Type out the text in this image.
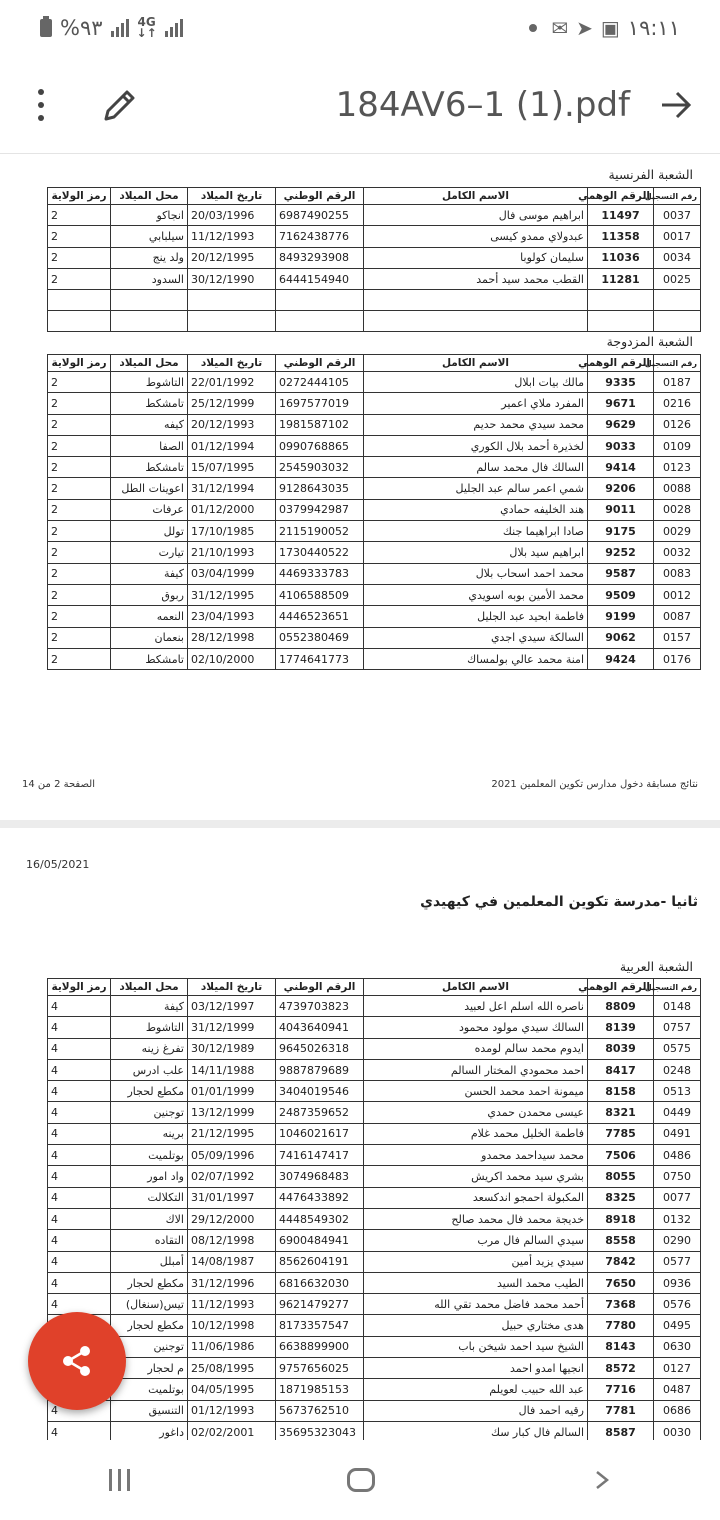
%٩٣	4G
↓↑	✉ ➤ ▣ ١٩:١١
184AV6–1 (1).pdf
الشعبة الفرنسية
رقم التسجيل	الرقم الوهمي	الاسم الكامل	الرقم الوطني	تاريخ الميلاد	محل الميلاد	رمز الولاية
0037	11497	ابراهيم موسى فال	6987490255	20/03/1996	انجاكو	2
0017	11358	عبدولاي ممدو كيسى	7162438776	11/12/1993	سيلبابي	2
0034	11036	سليمان كولوبا	8493293908	20/12/1995	ولد ينج	2
0025	11281	القطب محمد سيد أحمد	6444154940	30/12/1990	السدود	2

الشعبة المزدوجة
رقم التسجيل	الرقم الوهمي	الاسم الكامل	الرقم الوطني	تاريخ الميلاد	محل الميلاد	رمز الولاية
0187	9335	مالك بيات ابلال	0272444105	22/01/1992	التاشوط	2
0216	9671	المفرد ملاي اعمير	1697577019	25/12/1999	تامشكط	2
0126	9629	محمد سيدي محمد حديم	1981587102	20/12/1993	كيفه	2
0109	9033	لخذيرة أحمد بلال الكوري	0990768865	01/12/1994	الصفا	2
0123	9414	السالك فال محمد سالم	2545903032	15/07/1995	تامشكط	2
0088	9206	شمي اعمر سالم عبد الجليل	9128643035	31/12/1994	اعوينات الطل	2
0028	9011	هند الخليفه حمادي	0379942987	01/12/2000	عرفات	2
0029	9175	صادا ابراهيما جنك	2115190052	17/10/1985	تولل	2
0032	9252	ابراهيم سيد بلال	1730440522	21/10/1993	تيارت	2
0083	9587	محمد احمد اسحاب بلال	4469333783	03/04/1999	كيفة	2
0012	9509	محمد الأمين بوبه اسويدي	4106588509	31/12/1995	ربوق	2
0087	9199	فاطمة ابحيد عبد الجليل	4446523651	23/04/1993	النعمه	2
0157	9062	السالكة سيدي اجدي	0552380469	28/12/1998	بنعمان	2
0176	9424	امنة محمد عالي بولمساك	1774641773	02/10/2000	تامشكط	2
نتائج مسابقة دخول مدارس تكوين المعلمين 2021
الصفحة 2 من 14
16/05/2021
ثانيا -مدرسة تكوين المعلمين في كيهيدي
الشعبة العربية
رقم التسجيل	الرقم الوهمي	الاسم الكامل	الرقم الوطني	تاريخ الميلاد	محل الميلاد	رمز الولاية
0148	8809	ناصره الله اسلم اعل لعبيد	4739703823	03/12/1997	كيفة	4
0757	8139	السالك سيدي مولود محمود	4043640941	31/12/1999	التاشوط	4
0575	8039	ايدوم محمد سالم لومده	9645026318	30/12/1989	تفرغ زينه	4
0248	8417	احمد محمودي المختار السالم	9887879689	14/11/1988	علب ادرس	4
0513	8158	ميمونة احمد محمد الحسن	3404019546	01/01/1999	مكطع لحجار	4
0449	8321	عيسى محمدن حمدي	2487359652	13/12/1999	توجنين	4
0491	7785	فاطمة الخليل محمد غلام	1046021617	21/12/1995	برينه	4
0486	7506	محمد سيداحمد محمدو	7416147417	05/09/1996	بوتلميت	4
0750	8055	بشري سيد محمد اكريش	3074968483	02/07/1992	واد امور	4
0077	8325	المكبولة احمجو اندكسعد	4476433892	31/01/1997	التكلالت	4
0132	8918	خديجة محمد فال محمد صالح	4448549302	29/12/2000	الاك	4
0290	8558	سيدي السالم فال مرب	6900484941	08/12/1998	التقاده	4
0577	7842	سيدي يزيد أمين	8562604191	14/08/1987	أمبلل	4
0936	7650	الطيب محمد السيد	6816632030	31/12/1996	مكطع لحجار	4
0576	7368	أحمد محمد فاضل محمد تقي الله	9621479277	11/12/1993	تيس(سنغال)	4
0495	7780	هدى مختاري حبيل	8173357547	10/12/1998	مكطع لحجار	
0630	8143	الشيخ سيد احمد شيخن باب	6638899900	11/06/1986	توجنين	
0127	8572	انجيها امدو احمد	9757656025	25/08/1995	م لحجار	
0487	7716	عبد الله حبيب لعويلم	1871985153	04/05/1995	بوتلميت	
0686	7781	رقيه احمد فال	5673762510	01/12/1993	التنسيق	4
0030	8587	السالم فال كبار سك	35695323043	02/02/2001	داغور	4
